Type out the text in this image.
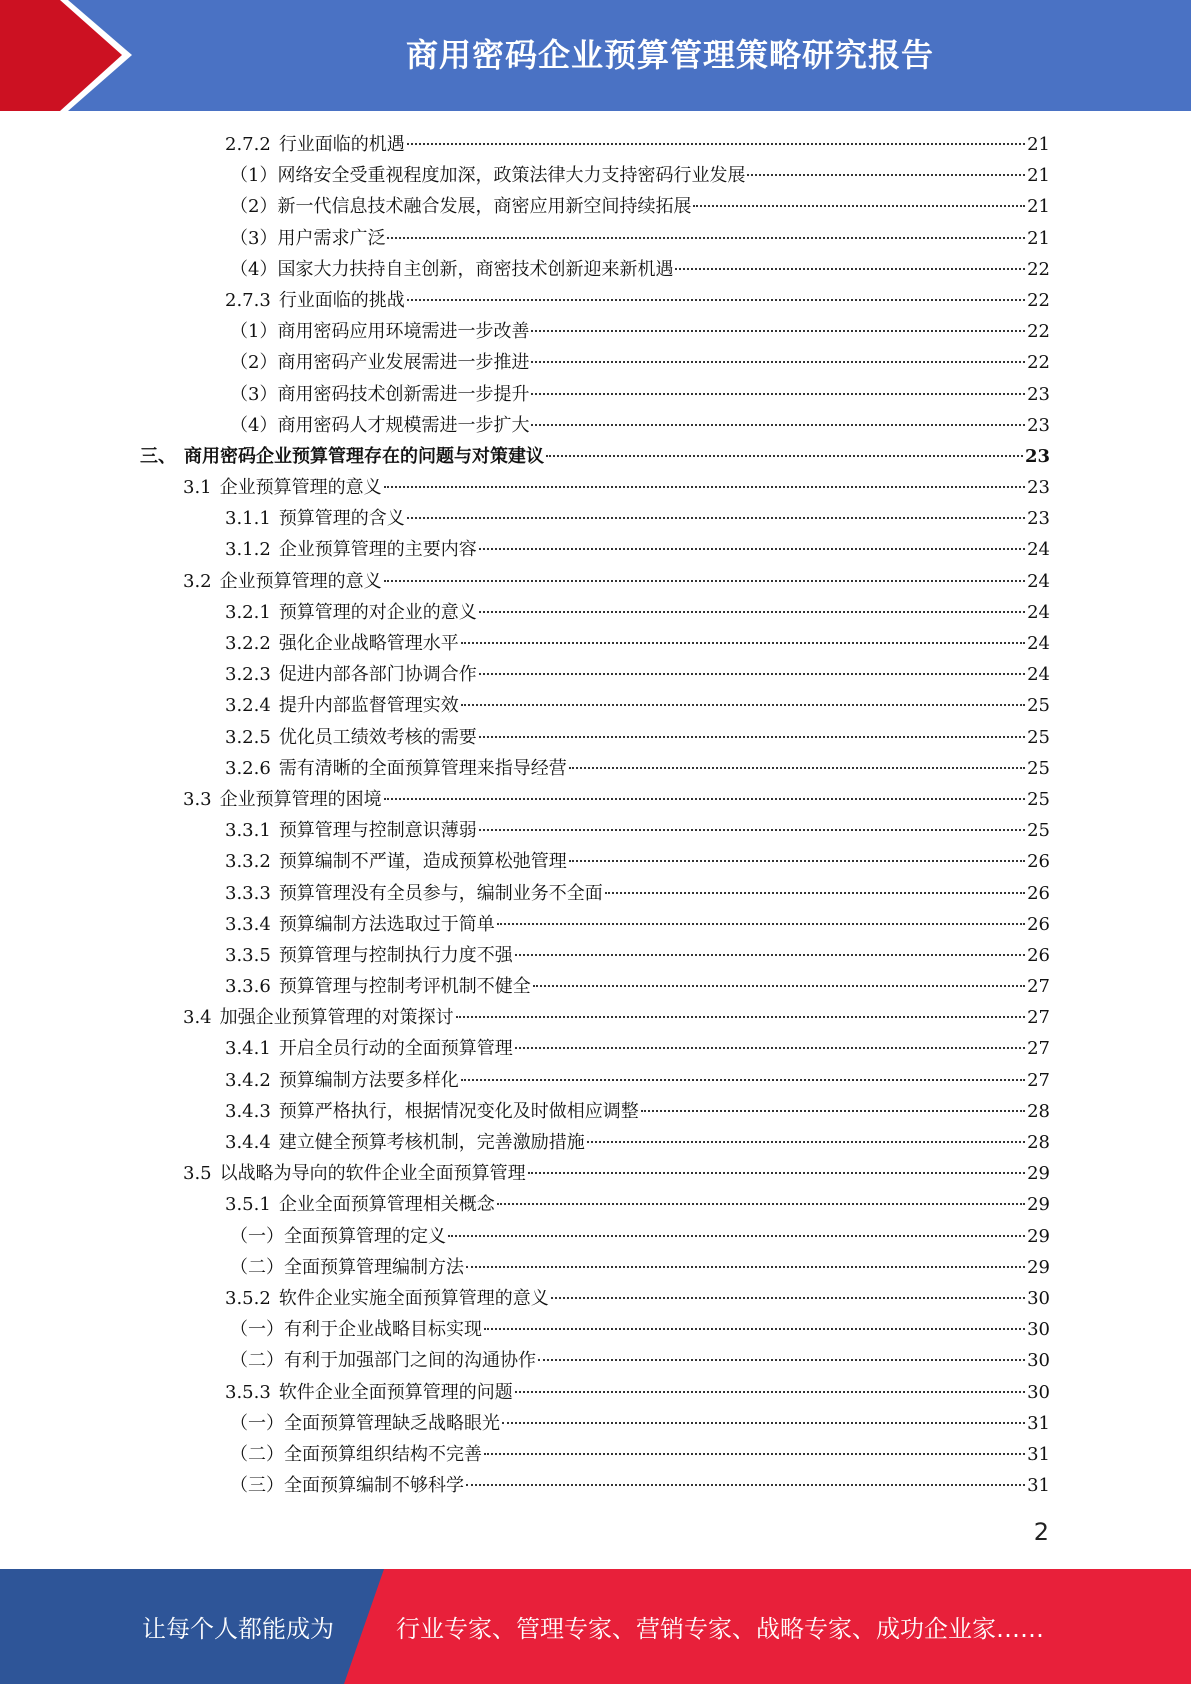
商用密码企业预算管理策略研究报告
2.7.2 行业面临的机遇	21
（1） 网络安全受重视程度加深，政策法律大力支持密码行业发展	21
（2） 新一代信息技术融合发展，商密应用新空间持续拓展	21
（3） 用户需求广泛	21
（4） 国家大力扶持自主创新，商密技术创新迎来新机遇	22
2.7.3 行业面临的挑战	22
（1） 商用密码应用环境需进一步改善	22
（2） 商用密码产业发展需进一步推进	22
（3） 商用密码技术创新需进一步提升	23
（4） 商用密码人才规模需进一步扩大	23
三、 商用密码企业预算管理存在的问题与对策建议	23
3.1 企业预算管理的意义	23
3.1.1 预算管理的含义	23
3.1.2 企业预算管理的主要内容	24
3.2 企业预算管理的意义	24
3.2.1 预算管理的对企业的意义	24
3.2.2 强化企业战略管理水平	24
3.2.3 促进内部各部门协调合作	24
3.2.4 提升内部监督管理实效	25
3.2.5 优化员工绩效考核的需要	25
3.2.6 需有清晰的全面预算管理来指导经营	25
3.3 企业预算管理的困境	25
3.3.1 预算管理与控制意识薄弱	25
3.3.2 预算编制不严谨，造成预算松弛管理	26
3.3.3 预算管理没有全员参与，编制业务不全面	26
3.3.4 预算编制方法选取过于简单	26
3.3.5 预算管理与控制执行力度不强	26
3.3.6 预算管理与控制考评机制不健全	27
3.4 加强企业预算管理的对策探讨	27
3.4.1 开启全员行动的全面预算管理	27
3.4.2 预算编制方法要多样化	27
3.4.3 预算严格执行，根据情况变化及时做相应调整	28
3.4.4 建立健全预算考核机制，完善激励措施	28
3.5 以战略为导向的软件企业全面预算管理	29
3.5.1 企业全面预算管理相关概念	29
（一） 全面预算管理的定义	29
（二） 全面预算管理编制方法	29
3.5.2 软件企业实施全面预算管理的意义	30
（一） 有利于企业战略目标实现	30
（二） 有利于加强部门之间的沟通协作	30
3.5.3 软件企业全面预算管理的问题	30
（一） 全面预算管理缺乏战略眼光	31
（二） 全面预算组织结构不完善	31
（三） 全面预算编制不够科学	31
2
让每个人都能成为	行业专家、管理专家、营销专家、战略专家、成功企业家……
